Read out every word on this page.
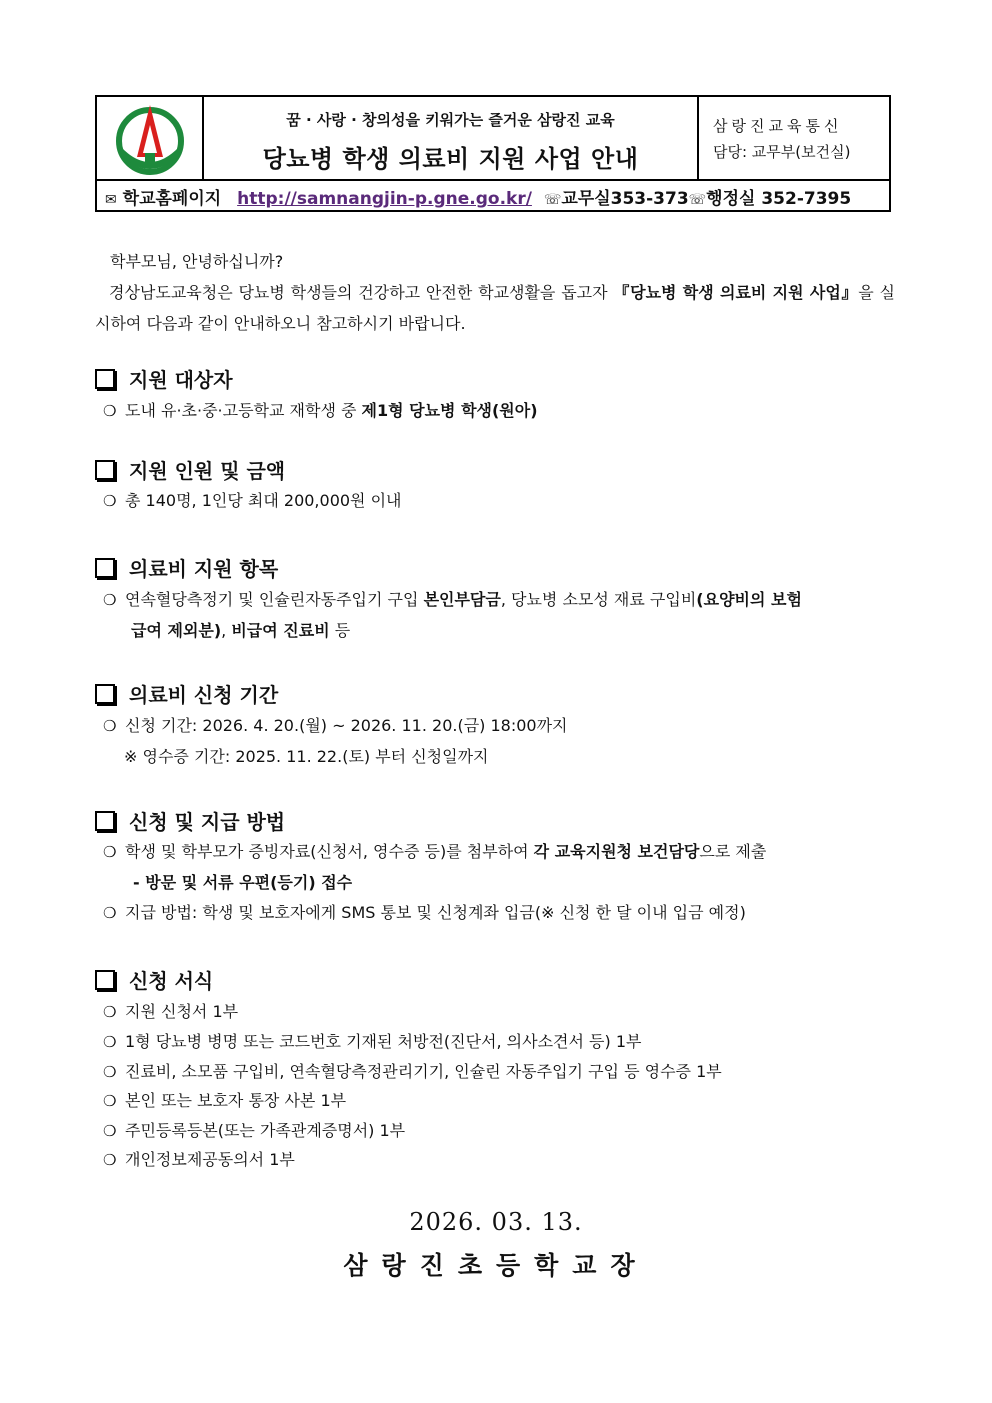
꿈 · 사랑 · 창의성을 키워가는 즐거운 삼랑진 교육
당뇨병 학생 의료비 지원 사업 안내
삼랑진교육통신
담당: 교무부(보건실)
✉ 학교홈페이지 http://samnangjin-p.gne.go.kr/ ☏교무실353-373☏행정실 352-7395
학부모님, 안녕하십니까?
경상남도교육청은 당뇨병 학생들의 건강하고 안전한 학교생활을 돕고자 『당뇨병 학생 의료비 지원 사업』을 실시하여 다음과 같이 안내하오니 참고하시기 바랍니다.
지원 대상자
❍ 도내 유·초·중·고등학교 재학생 중 제1형 당뇨병 학생(원아)
지원 인원 및 금액
❍ 총 140명, 1인당 최대 200,000원 이내
의료비 지원 항목
❍ 연속혈당측정기 및 인슐린자동주입기 구입 본인부담금, 당뇨병 소모성 재료 구입비(요양비의 보험
급여 제외분), 비급여 진료비 등
의료비 신청 기간
❍ 신청 기간: 2026. 4. 20.(월) ~ 2026. 11. 20.(금) 18:00까지
※ 영수증 기간: 2025. 11. 22.(토) 부터 신청일까지
신청 및 지급 방법
❍ 학생 및 학부모가 증빙자료(신청서, 영수증 등)를 첨부하여 각 교육지원청 보건담당으로 제출
- 방문 및 서류 우편(등기) 접수
❍ 지급 방법: 학생 및 보호자에게 SMS 통보 및 신청계좌 입금(※ 신청 한 달 이내 입금 예정)
신청 서식
❍ 지원 신청서 1부
❍ 1형 당뇨병 병명 또는 코드번호 기재된 처방전(진단서, 의사소견서 등) 1부
❍ 진료비, 소모품 구입비, 연속혈당측정관리기기, 인슐린 자동주입기 구입 등 영수증 1부
❍ 본인 또는 보호자 통장 사본 1부
❍ 주민등록등본(또는 가족관계증명서) 1부
❍ 개인정보제공동의서 1부
2026. 03. 13.
삼랑진초등학교장
